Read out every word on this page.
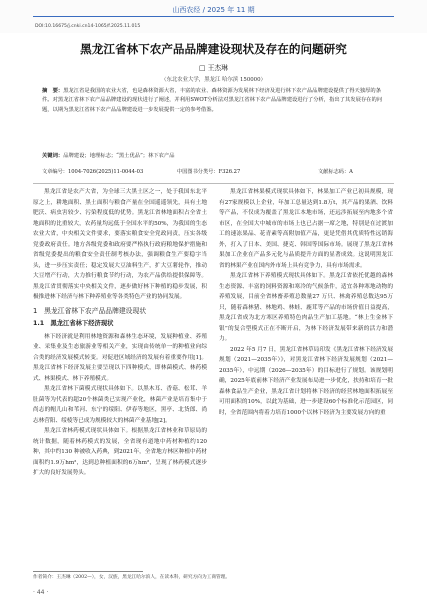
山西农经 / 2025 年 11 期
DOI:10.16675/j.cnki.cn14-1065/f.2025.11.015
黑龙江省林下农产品品牌建设现状及存在的问题研究
□ 王杰琳
（东北农业大学，黑龙江 哈尔滨 150000）
摘　要：黑龙江省是我国的农业大省，也是森林资源大省，丰富的农业、森林资源为发展林下经济及进行林下农产品品牌建设提供了得天独厚的条件。对黑龙江省林下农产品品牌建设的现状进行了阐述，并利用SWOT分析法对黑龙江省林下农产品品牌建设进行了分析，指出了其发展存在的问题，以期为黑龙江省林下农产品品牌建设进一步发展提供一定的参考借鉴。
关键词：品牌建设；地理标志；“黑土优品”；林下农产品
文章编号：1004-7026(2025)11-0044-03	中国图书分类号：F326.27	文献标志码：A

黑龙江省是农产大省，为全球三大黑土区之一，处于我国东北平原之上，耕地面积、黑土面积与粮食产量在全国遥遥领先，具有土地肥沃、病虫害较少、污染程度低的优势。黑龙江省林地面积占全省土地面积的比重较大，农药量均远低于全国水平的50%，为我国的生态农业大省，中央相关文件要求，要落实粮食安全党政同责，压实各级党委政府责任。地方各级党委和政府要严格执行政府粮地保护措施和省级党委提出的粮食安全责任制考核办法，强调粮食生产要稳字当头，进一步压实责任；稳定发展大豆油料生产，扩大豆薯轮作，推动大豆增产行动，大力推行粮食节约行动，为农产品供给提供保障等。黑龙江省贯彻落实中央相关文件，逐步做好林下种植的稳步发展，积极推进林下经济与林下种养殖业等各类特色产业的协同发展。

1　黑龙江省林下农产品品牌建设现状
1.1　黑龙江省林下经济现状

林下经济就是利用林地资源和森林生态环境，发展种植业、养殖业、采集业及生态旅游业等相关产业，实现由传统单一的种植业向综合类的经济发展模式转变。对促进区域经济的发展有着重要作用[1]。黑龙江省林下经济发展主要呈现以下四种模式，即林菌模式、林药模式、林果模式、林下养殖模式。

黑龙江省林下菌模式现状具体如下。以黑木耳、香菇、松茸、羊肚菌等为代表的超20个林菌类已实现产业化，林菌产业是培育集中于尚志的帽儿山和苇河、东宁的绥阳、伊春等地区，黑亭、北货郎、尚志林营阳、绥棱等已成为规模较大的林菌产业基地[2]。

黑龙江省林药模式现状具体如下。根据黑龙江省林业和草原局的统计数据，随着林药模式的发展，全省现有道地中药材种植约120 种，其中约130 种被收入药典，到2021年，全省地方林区种植中药材面积约1.9万hm²，达到总种植面积的6万hm²，呈现了林药模式逐步扩大的良好发展势头。

黑龙江省林果模式现状具体如下，林果加工产业已初具规模，现有27家规模以上企业，年加工总量达到1.8万t，其产品的果酒、饮料等产品，不仅成为覆盖了黑龙江本地市场，还远涉拓展至内地多个省市区，在全国大中城市的市场上也已占据一席之地，特别是在过渡加工的速冻果品、花青素等高附加值产品，更是凭借其优质特性远销海外，打入了日本、美国、捷克、韩国等国际市场。展现了黑龙江省林果加工企业在产品多元化与品质提升方面的显著成效。这说明黑龙江省的林果产业在国内外市场上具有竞争力，具有市场需求。

黑龙江省林下养殖模式现状具体如下。黑龙江省依托优越的森林生态资源、丰富的饲料资源和寒冷的气候条件，适宜各种寒地动物的养殖发展，目前全省林畜养殖总数量27 万只、林禽养殖总数达95万只，随着森林猪、林地鸡、林蛙、鹿茸等产品的市场价值日益提高，黑龙江省成为北方寒区养殖特色肉品生产加工基地。“林上生金林下银”的复合型模式正在不断开启，为林下经济发展带来新的活力和潜力。

2022 年5 月7 日，黑龙江省林草局印发《黑龙江省林下经济发展规划（2021—2035年）》，对黑龙江省林下经济发展规划（2021—2035年），中远期（2026—2035年）的目标进行了规划。该规划明确，2025年底前林下经济产业发展布局进一步优化，扶持和培育一批森林食品生产企业，黑龙江省计划将林下经济的经营林地面积拓展至可用面积的10%，以此为基础，进一步建设60个标准化示范园区，同时，全省范围内将着力培育1000个以林下经济为主要发展方向的重

作者简介：王杰琳（2002—），女，汉族，黑龙江哈尔滨人，在读本科，研究方向为工商管理。
· 44 ·
